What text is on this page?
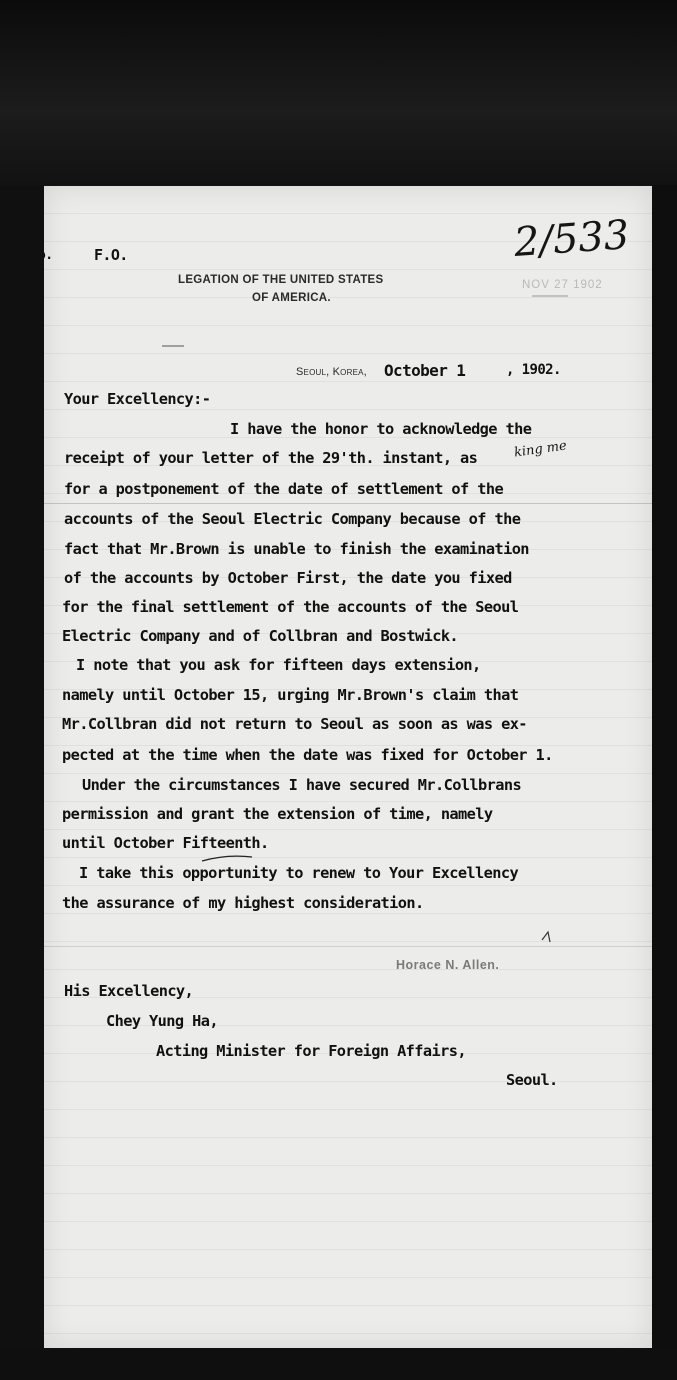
o.	F.O.	2/533
NOV 27 1902
LEGATION OF THE UNITED STATES
OF AMERICA.
Seoul, Korea, October 1	, 1902.
Your Excellency:-
I have the honor to acknowledge the
receipt of your letter of the 29'th. instant, as
for a postponement of the date of settlement of the
accounts of the Seoul Electric Company because of the
fact that Mr.Brown is unable to finish the examination
of the accounts by October First, the date you fixed
for the final settlement of the accounts of the Seoul
Electric Company and of Collbran and Bostwick.
I note that you ask for fifteen days extension,
namely until October 15, urging Mr.Brown's claim that
Mr.Collbran did not return to Seoul as soon as was ex-
pected at the time when the date was fixed for October 1.
Under the circumstances I have secured Mr.Collbrans
permission and grant the extension of time, namely
until October Fifteenth.
I take this opportunity to renew to Your Excellency
the assurance of my highest consideration.
king me
Horace N. Allen.
His Excellency,
Chey Yung Ha,
Acting Minister for Foreign Affairs,
Seoul.
